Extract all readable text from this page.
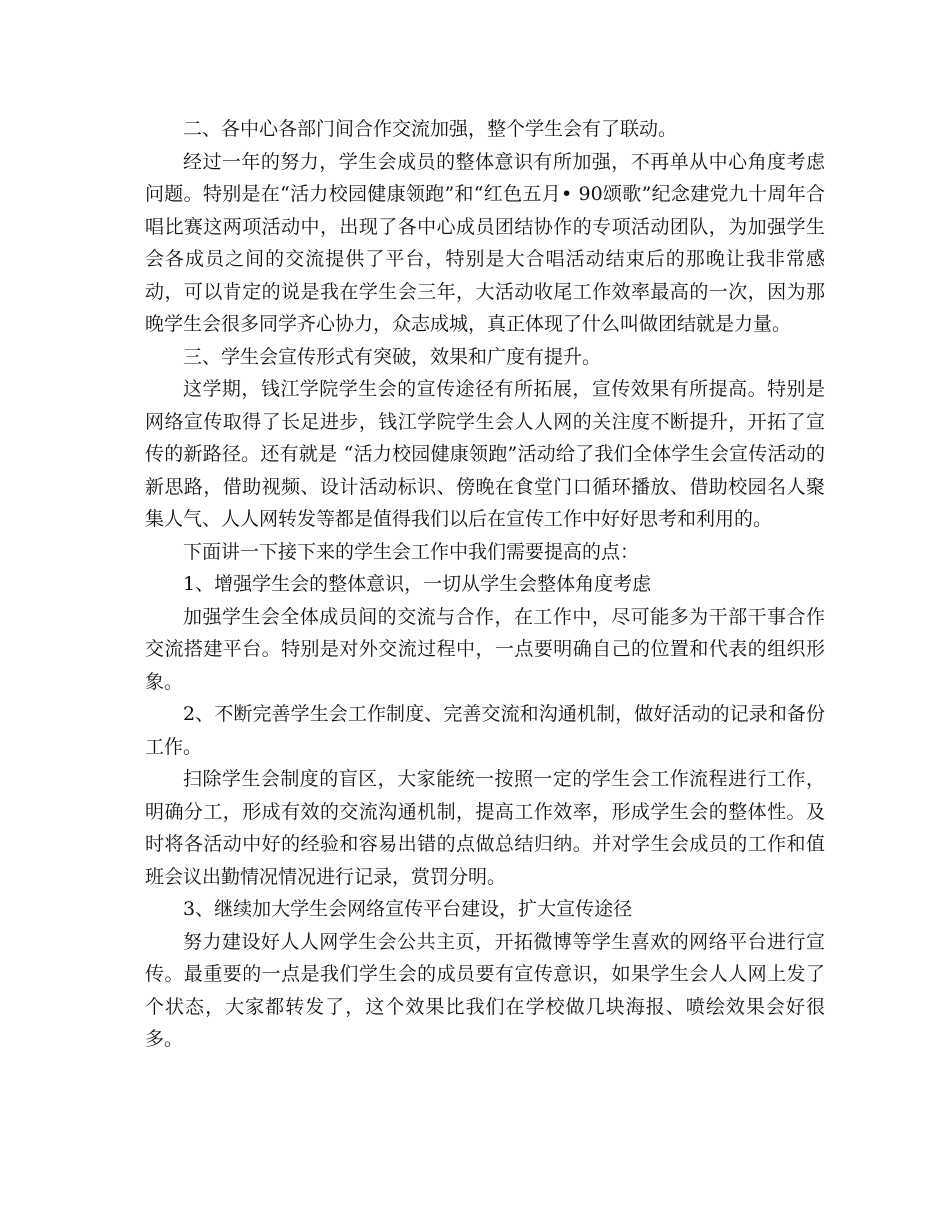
二、各中心各部门间合作交流加强，整个学生会有了联动。

经过一年的努力，学生会成员的整体意识有所加强，不再单从中心角度考虑问题。特别是在“活力校园健康领跑”和“红色五月• 90颂歌”纪念建党九十周年合唱比赛这两项活动中，出现了各中心成员团结协作的专项活动团队，为加强学生会各成员之间的交流提供了平台，特别是大合唱活动结束后的那晚让我非常感动，可以肯定的说是我在学生会三年，大活动收尾工作效率最高的一次，因为那晚学生会很多同学齐心协力，众志成城，真正体现了什么叫做团结就是力量。

三、学生会宣传形式有突破，效果和广度有提升。

这学期，钱江学院学生会的宣传途径有所拓展，宣传效果有所提高。特别是网络宣传取得了长足进步，钱江学院学生会人人网的关注度不断提升，开拓了宣传的新路径。还有就是 “活力校园健康领跑”活动给了我们全体学生会宣传活动的新思路，借助视频、设计活动标识、傍晚在食堂门口循环播放、借助校园名人聚集人气、人人网转发等都是值得我们以后在宣传工作中好好思考和利用的。

下面讲一下接下来的学生会工作中我们需要提高的点：

1、增强学生会的整体意识，一切从学生会整体角度考虑

加强学生会全体成员间的交流与合作，在工作中，尽可能多为干部干事合作交流搭建平台。特别是对外交流过程中，一点要明确自己的位置和代表的组织形象。

2、不断完善学生会工作制度、完善交流和沟通机制，做好活动的记录和备份工作。

扫除学生会制度的盲区，大家能统一按照一定的学生会工作流程进行工作，明确分工，形成有效的交流沟通机制，提高工作效率，形成学生会的整体性。及时将各活动中好的经验和容易出错的点做总结归纳。并对学生会成员的工作和值班会议出勤情况情况进行记录，赏罚分明。

3、继续加大学生会网络宣传平台建设，扩大宣传途径

努力建设好人人网学生会公共主页，开拓微博等学生喜欢的网络平台进行宣传。最重要的一点是我们学生会的成员要有宣传意识，如果学生会人人网上发了个状态，大家都转发了，这个效果比我们在学校做几块海报、喷绘效果会好很多。
